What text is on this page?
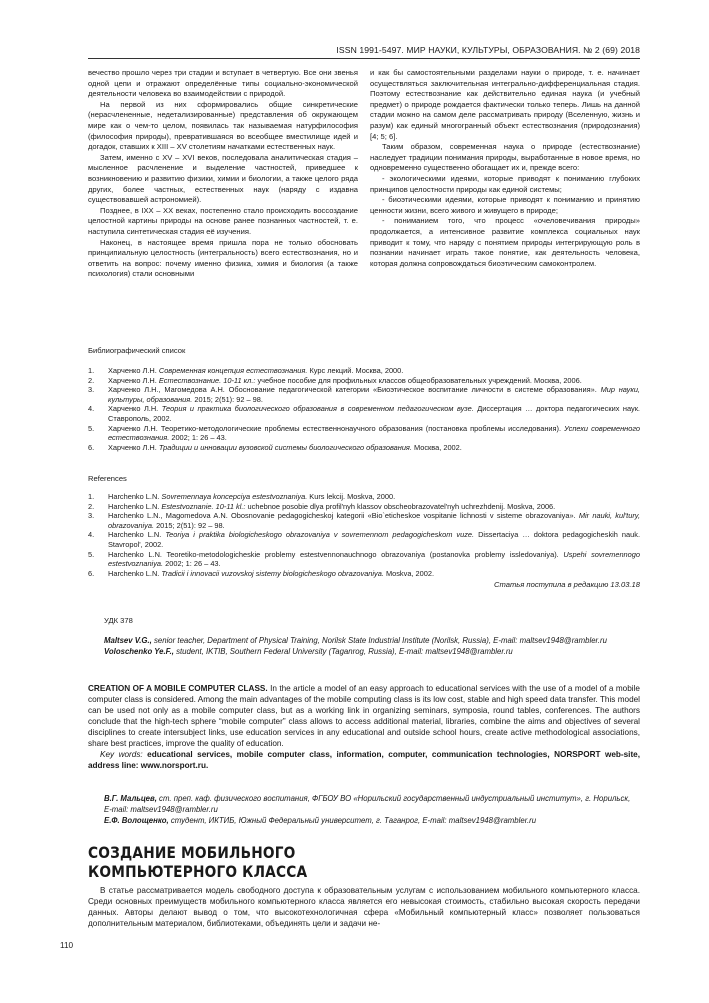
ISSN 1991-5497. МИР НАУКИ, КУЛЬТУРЫ, ОБРАЗОВАНИЯ. № 2 (69) 2018

вечество прошло через три стадии и вступает в четвертую. Все они звенья одной цепи и отражают определённые типы социально-экономической деятельности человека во взаимодействии с природой.

На первой из них сформировались общие синкретические (нерасчлененные, недетализированные) представления об окружающем мире как о чем-то целом, появилась так называемая натурфилософия (философия природы), превратившаяся во всеобщее вместилище идей и догадок, ставших к XIII – XV столетиям начатками естественных наук.

Затем, именно с XV – XVI веков, последовала аналитическая стадия – мысленное расчленение и выделение частностей, приведшее к возникновению и развитию физики, химии и биологии, а также целого ряда других, более частных, естественных наук (наряду с издавна существовавшей астрономией).

Позднее, в IXX – XX веках, постепенно стало происходить воссоздание целостной картины природы на основе ранее познанных частностей, т. е. наступила синтетическая стадия её изучения.

Наконец, в настоящее время пришла пора не только обосновать принципиальную целостность (интегральность) всего естествознания, но и ответить на вопрос: почему именно физика, химия и биология (а также психология) стали основными

и как бы самостоятельными разделами науки о природе, т. е. начинает осуществляться заключительная интегрально-дифференциальная стадия. Поэтому естествознание как действительно единая наука (и учебный предмет) о природе рождается фактически только теперь. Лишь на данной стадии можно на самом деле рассматривать природу (Вселенную, жизнь и разум) как единый многогранный объект естествознания (природознания) [4; 5; 6].

Таким образом, современная наука о природе (естествознание) наследует традиции понимания природы, выработанные в новое время, но одновременно существенно обогащает их и, прежде всего:

- экологическими идеями, которые приводят к пониманию глубоких принципов целостности природы как единой системы;

- биоэтическими идеями, которые приводят к пониманию и принятию ценности жизни, всего живого и живущего в природе;

- пониманием того, что процесс «очеловечивания природы» продолжается, а интенсивное развитие комплекса социальных наук приводит к тому, что наряду с понятием природы интегрирующую роль в познании начинает играть такое понятие, как деятельность человека, которая должна сопровождаться биоэтическим самоконтролем.

Библиографический список
1. Харченко Л.Н. Современная концепция естествознания. Курс лекций. Москва, 2000.
2. Харченко Л.Н. Естествознание. 10-11 кл.: учебное пособие для профильных классов общеобразовательных учреждений. Москва, 2006.
3. Харченко Л.Н., Магомедова А.Н. Обоснование педагогической категории «Биоэтическое воспитание личности в системе образования». Мир науки, культуры, образования. 2015; 2(51): 92 – 98.
4. Харченко Л.Н. Теория и практика биологического образования в современном педагогическом вузе. Диссертация … доктора педагогических наук. Ставрополь, 2002.
5. Харченко Л.Н. Теоретико-методологические проблемы естественнонаучного образования (постановка проблемы исследования). Успехи современного естествознания. 2002; 1: 26 – 43.
6. Харченко Л.Н. Традиции и инновации вузовской системы биологического образования. Москва, 2002.
References
1. Harchenko L.N. Sovremennaya koncepciya estestvoznaniya. Kurs lekcij. Moskva, 2000.
2. Harchenko L.N. Estestvoznanie. 10-11 kl.: uchebnoe posobie dlya profil'nyh klassov obscheobrazovatel'nyh uchrezhdenij. Moskva, 2006.
3. Harchenko L.N., Magomedova A.N. Obosnovanie pedagogicheskoj kategorii «Bio`eticheskoe vospitanie lichnosti v sisteme obrazovaniya». Mir nauki, kul'tury, obrazovaniya. 2015; 2(51): 92 – 98.
4. Harchenko L.N. Teoriya i praktika biologicheskogo obrazovaniya v sovremennom pedagogicheskom vuze. Dissertaciya … doktora pedagogicheskih nauk. Stavropol', 2002.
5. Harchenko L.N. Teoretiko-metodologicheskie problemy estestvennonauchnogo obrazovaniya (postanovka problemy issledovaniya). Uspehi sovremennogo estestvoznaniya. 2002; 1: 26 – 43.
6. Harchenko L.N. Tradicii i innovacii vuzovskoj sistemy biologicheskogo obrazovaniya. Moskva, 2002.
Статья поступила в редакцию 13.03.18
УДК 378
Maltsev V.G., senior teacher, Department of Physical Training, Norilsk State Industrial Institute (Norilsk, Russia), E-mail: maltsev1948@rambler.ru
Voloschenko Ye.F., student, IKTIB, Southern Federal University (Taganrog, Russia), E-mail: maltsev1948@rambler.ru

CREATION OF A MOBILE COMPUTER CLASS. In the article a model of an easy approach to educational services with the use of a model of a mobile computer class is considered. Among the main advantages of the mobile computing class is its low cost, stable and high speed data transfer. This model can be used not only as a mobile computer class, but as a working link in organizing seminars, symposia, round tables, conferences. The authors conclude that the high-tech sphere “mobile computer” class allows to access additional material, libraries, combine the aims and objectives of several disciplines to create intersubject links, use education services in any educational and outside school hours, create active methodological associations, share best practices, improve the quality of education.

Key words: educational services, mobile computer class, information, computer, communication technologies, NORSPORT web-site, address line: www.norsport.ru.

В.Г. Мальцев, ст. преп. каф. физического воспитания, ФГБОУ ВО «Норильский государственный индустриальный институт», г. Норильск, E-mail: maltsev1948@rambler.ru
Е.Ф. Волощенко, студент, ИКТИБ, Южный Федеральный университет, г. Таганрог, E-mail: maltsev1948@rambler.ru
СОЗДАНИЕ МОБИЛЬНОГО
КОМПЬЮТЕРНОГО КЛАССА

В статье рассматривается модель свободного доступа к образовательным услугам с использованием мобильного компьютерного класса. Среди основных преимуществ мобильного компьютерного класса является его невысокая стоимость, стабильно высокая скорость передачи данных. Авторы делают вывод о том, что высокотехнологичная сфера «Мобильный компьютерный класс» позволяет пользоваться дополнительным материалом, библиотеками, объединять цели и задачи не-

110
